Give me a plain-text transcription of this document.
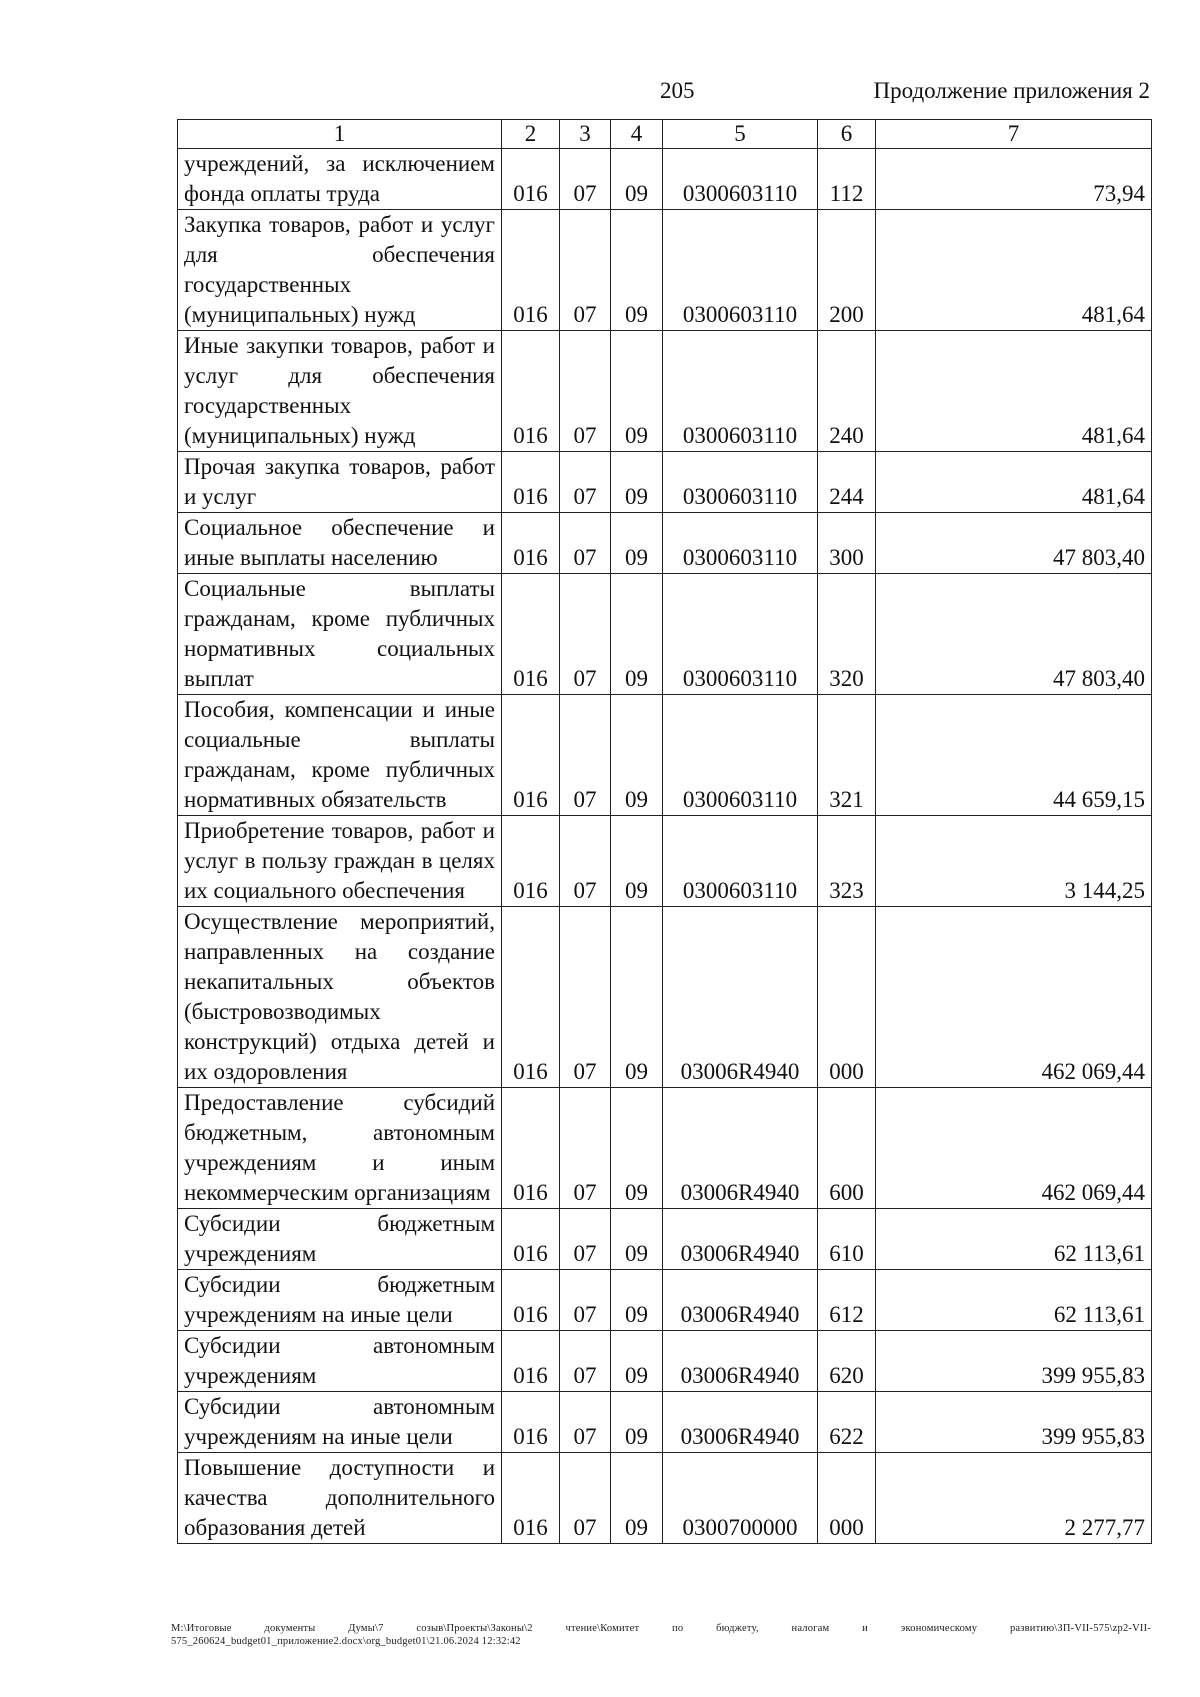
205	Продолжение приложения 2
1	2	3	4	5	6	7
учреждений, за исключением фонда оплаты труда	016	07	09	0300603110	112	73,94
Закупка товаров, работ и услуг для обеспечения государственных (муниципальных) нужд	016	07	09	0300603110	200	481,64
Иные закупки товаров, работ и услуг для обеспечения государственных (муниципальных) нужд	016	07	09	0300603110	240	481,64
Прочая закупка товаров, работ и услуг	016	07	09	0300603110	244	481,64
Социальное обеспечение и иные выплаты населению	016	07	09	0300603110	300	47 803,40
Социальные выплаты гражданам, кроме публичных нормативных социальных выплат	016	07	09	0300603110	320	47 803,40
Пособия, компенсации и иные социальные выплаты гражданам, кроме публичных нормативных обязательств	016	07	09	0300603110	321	44 659,15
Приобретение товаров, работ и услуг в пользу граждан в целях их социального обеспечения	016	07	09	0300603110	323	3 144,25
Осуществление мероприятий, направленных на создание некапитальных объектов (быстровозводимых конструкций) отдыха детей и их оздоровления	016	07	09	03006R4940	000	462 069,44
Предоставление субсидий бюджетным, автономным учреждениям и иным некоммерческим организациям	016	07	09	03006R4940	600	462 069,44
Субсидии бюджетным учреждениям	016	07	09	03006R4940	610	62 113,61
Субсидии бюджетным учреждениям на иные цели	016	07	09	03006R4940	612	62 113,61
Субсидии автономным учреждениям	016	07	09	03006R4940	620	399 955,83
Субсидии автономным учреждениям на иные цели	016	07	09	03006R4940	622	399 955,83
Повышение доступности и качества дополнительного образования детей	016	07	09	0300700000	000	2 277,77
M:\Итоговые документы Думы\7 созыв\Проекты\Законы\2 чтение\Комитет по бюджету, налогам и экономическому развитию\ЗП-VII-575\zp2-VII-575_260624_budget01_приложение2.docx\org_budget01\21.06.2024 12:32:42
